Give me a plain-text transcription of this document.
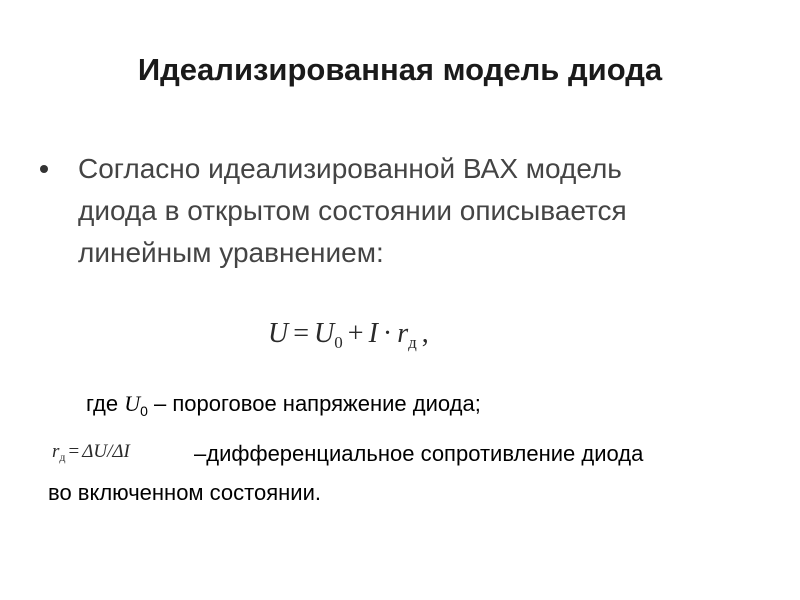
Идеализированная модель диода
Согласно идеализированной ВАХ модель
диода в открытом состоянии описывается
линейным уравнением:
$U = U_0 + I \cdot r_д$ ,
где $U_0$ – пороговое напряжение диода;
$r_д = \Delta U/\Delta I$	–дифференциальное сопротивление диода
во включенном состоянии.
